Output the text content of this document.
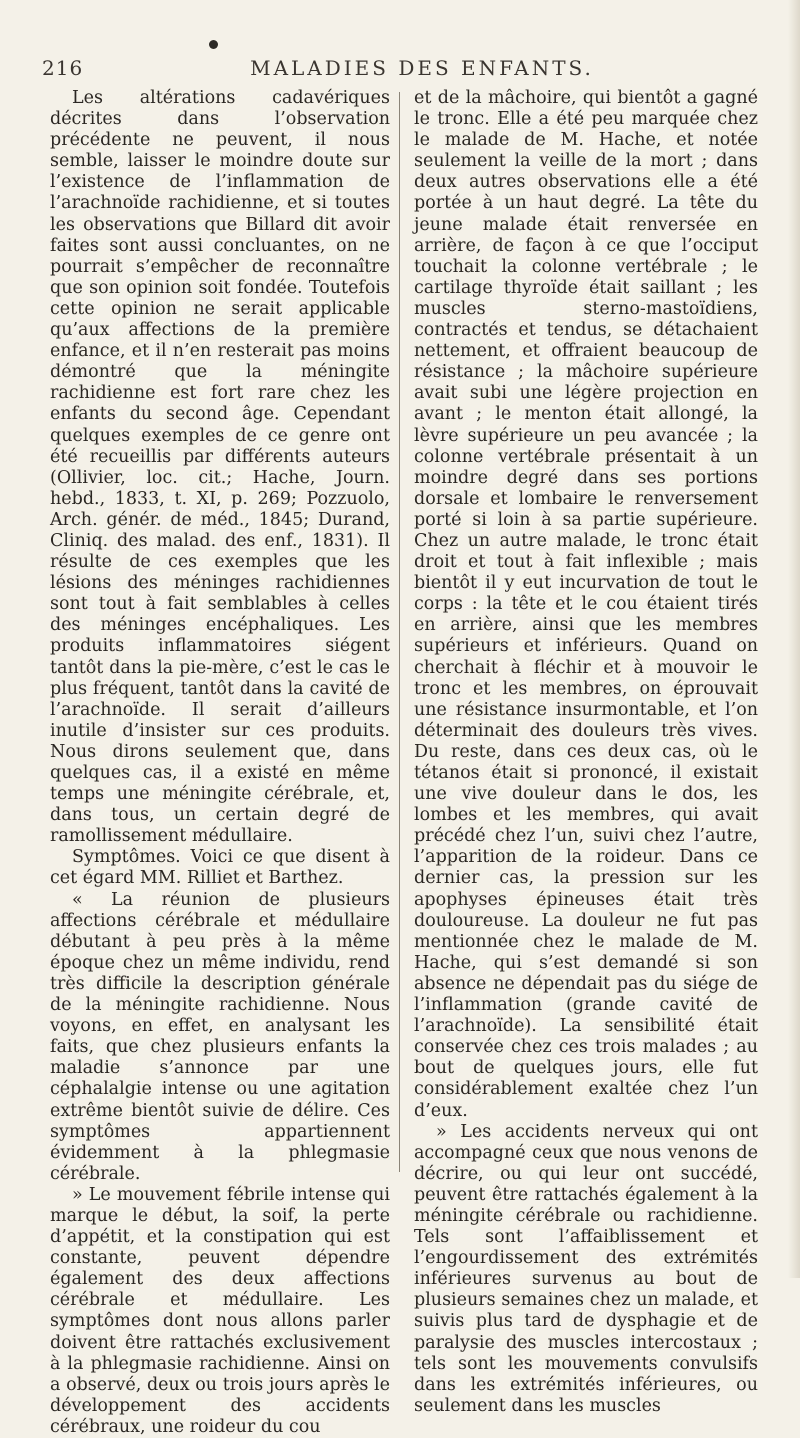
216	MALADIES DES ENFANTS.

Les altérations cadavériques décrites dans l’observation précédente ne peuvent, il nous semble, laisser le moindre doute sur l’existence de l’inflammation de l’arachnoïde rachidienne, et si toutes les observations que Billard dit avoir faites sont aussi concluantes, on ne pourrait s’empêcher de reconnaître que son opinion soit fondée. Toutefois cette opinion ne serait applicable qu’aux affections de la première enfance, et il n’en resterait pas moins démontré que la méningite rachidienne est fort rare chez les enfants du second âge. Cependant quelques exemples de ce genre ont été recueillis par différents auteurs (Ollivier, loc. cit.; Hache, Journ. hebd., 1833, t. XI, p. 269; Pozzuolo, Arch. génér. de méd., 1845; Durand, Cliniq. des malad. des enf., 1831). Il résulte de ces exemples que les lésions des méninges rachidiennes sont tout à fait semblables à celles des méninges encéphaliques. Les produits inflammatoires siégent tantôt dans la pie-mère, c’est le cas le plus fréquent, tantôt dans la cavité de l’arachnoïde. Il serait d’ailleurs inutile d’insister sur ces produits. Nous dirons seulement que, dans quelques cas, il a existé en même temps une méningite cérébrale, et, dans tous, un certain degré de ramollissement médullaire.

Symptômes. Voici ce que disent à cet égard MM. Rilliet et Barthez.

« La réunion de plusieurs affections cérébrale et médullaire débutant à peu près à la même époque chez un même individu, rend très difficile la description générale de la méningite rachidienne. Nous voyons, en effet, en analysant les faits, que chez plusieurs enfants la maladie s’annonce par une céphalalgie intense ou une agitation extrême bientôt suivie de délire. Ces symptômes appartiennent évidemment à la phlegmasie cérébrale.

» Le mouvement fébrile intense qui marque le début, la soif, la perte d’appétit, et la constipation qui est constante, peuvent dépendre également des deux affections cérébrale et médullaire. Les symptômes dont nous allons parler doivent être rattachés exclusivement à la phlegmasie rachidienne. Ainsi on a observé, deux ou trois jours après le développement des accidents cérébraux, une roideur du cou

et de la mâchoire, qui bientôt a gagné le tronc. Elle a été peu marquée chez le malade de M. Hache, et notée seulement la veille de la mort ; dans deux autres observations elle a été portée à un haut degré. La tête du jeune malade était renversée en arrière, de façon à ce que l’occiput touchait la colonne vertébrale ; le cartilage thyroïde était saillant ; les muscles sterno-mastoïdiens, contractés et tendus, se détachaient nettement, et offraient beaucoup de résistance ; la mâchoire supérieure avait subi une légère projection en avant ; le menton était allongé, la lèvre supérieure un peu avancée ; la colonne vertébrale présentait à un moindre degré dans ses portions dorsale et lombaire le renversement porté si loin à sa partie supérieure. Chez un autre malade, le tronc était droit et tout à fait inflexible ; mais bientôt il y eut incurvation de tout le corps : la tête et le cou étaient tirés en arrière, ainsi que les membres supérieurs et inférieurs. Quand on cherchait à fléchir et à mouvoir le tronc et les membres, on éprouvait une résistance insurmontable, et l’on déterminait des douleurs très vives. Du reste, dans ces deux cas, où le tétanos était si prononcé, il existait une vive douleur dans le dos, les lombes et les membres, qui avait précédé chez l’un, suivi chez l’autre, l’apparition de la roideur. Dans ce dernier cas, la pression sur les apophyses épineuses était très douloureuse. La douleur ne fut pas mentionnée chez le malade de M. Hache, qui s’est demandé si son absence ne dépendait pas du siége de l’inflammation (grande cavité de l’arachnoïde). La sensibilité était conservée chez ces trois malades ; au bout de quelques jours, elle fut considérablement exaltée chez l’un d’eux.

» Les accidents nerveux qui ont accompagné ceux que nous venons de décrire, ou qui leur ont succédé, peuvent être rattachés également à la méningite cérébrale ou rachidienne. Tels sont l’affaiblissement et l’engourdissement des extrémités inférieures survenus au bout de plusieurs semaines chez un malade, et suivis plus tard de dysphagie et de paralysie des muscles intercostaux ; tels sont les mouvements convulsifs dans les extrémités inférieures, ou seulement dans les muscles
